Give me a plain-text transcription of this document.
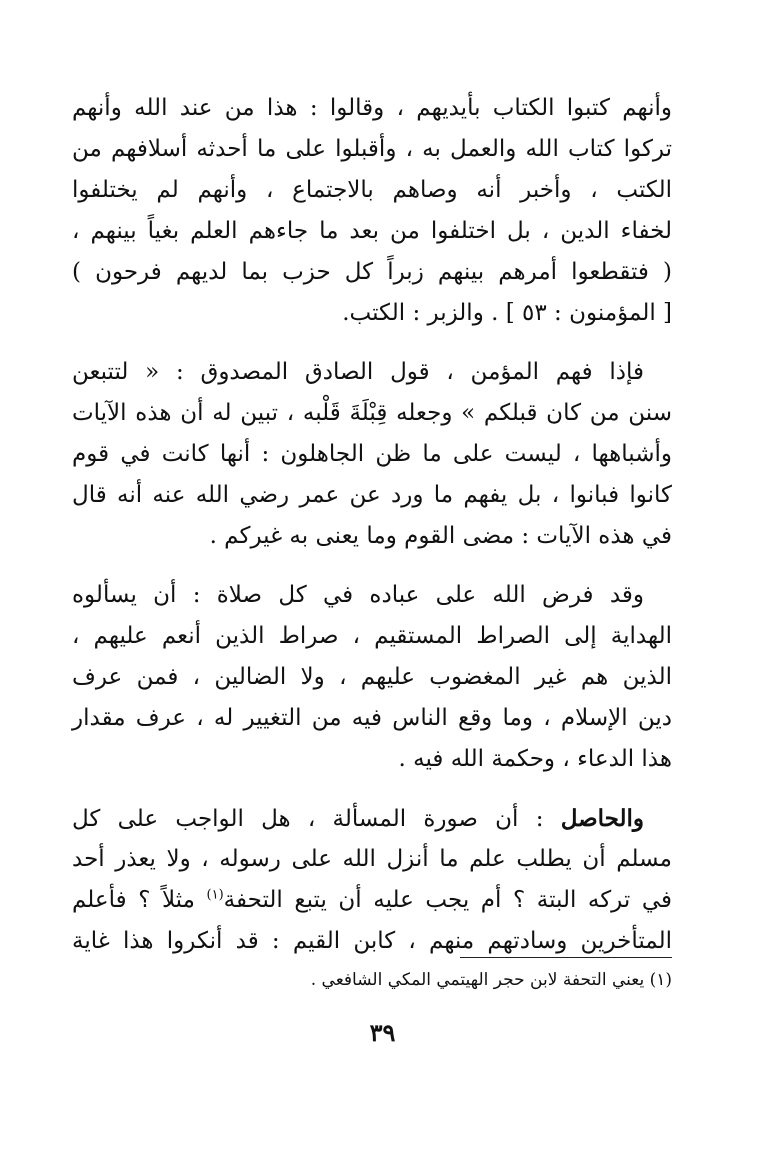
وأنهم كتبوا الكتاب بأيديهم ، وقالوا : هذا من عند الله وأنهم
تركوا كتاب الله والعمل به ، وأقبلوا على ما أحدثه أسلافهم من
الكتب ، وأخبر أنه وصاهم بالاجتماع ، وأنهم لم يختلفوا
لخفاء الدين ، بل اختلفوا من بعد ما جاءهم العلم بغياً بينهم ،
( فتقطعوا أمرهم بينهم زبراً كل حزب بما لديهم فرحون )
[ المؤمنون : ٥٣ ] . والزبر : الكتب.
فإذا فهم المؤمن ، قول الصادق المصدوق : « لتتبعن
سنن من كان قبلكم » وجعله قِبْلَةَ قَلْبه ، تبين له أن هذه الآيات
وأشباهها ، ليست على ما ظن الجاهلون : أنها كانت في قوم
كانوا فبانوا ، بل يفهم ما ورد عن عمر رضي الله عنه أنه قال
في هذه الآيات : مضى القوم وما يعنى به غيركم .
وقد فرض الله على عباده في كل صلاة : أن يسألوه
الهداية إلى الصراط المستقيم ، صراط الذين أنعم عليهم ،
الذين هم غير المغضوب عليهم ، ولا الضالين ، فمن عرف
دين الإسلام ، وما وقع الناس فيه من التغيير له ، عرف مقدار
هذا الدعاء ، وحكمة الله فيه .
والحاصل : أن صورة المسألة ، هل الواجب على كل
مسلم أن يطلب علم ما أنزل الله على رسوله ، ولا يعذر أحد
في تركه البتة ؟ أم يجب عليه أن يتبع التحفة$^{(١)}$ مثلاً ؟ فأعلم
المتأخرين وسادتهم منهم ، كابن القيم : قد أنكروا هذا غاية
(١) يعني التحفة لابن حجر الهيتمي المكي الشافعي .
٣٩
